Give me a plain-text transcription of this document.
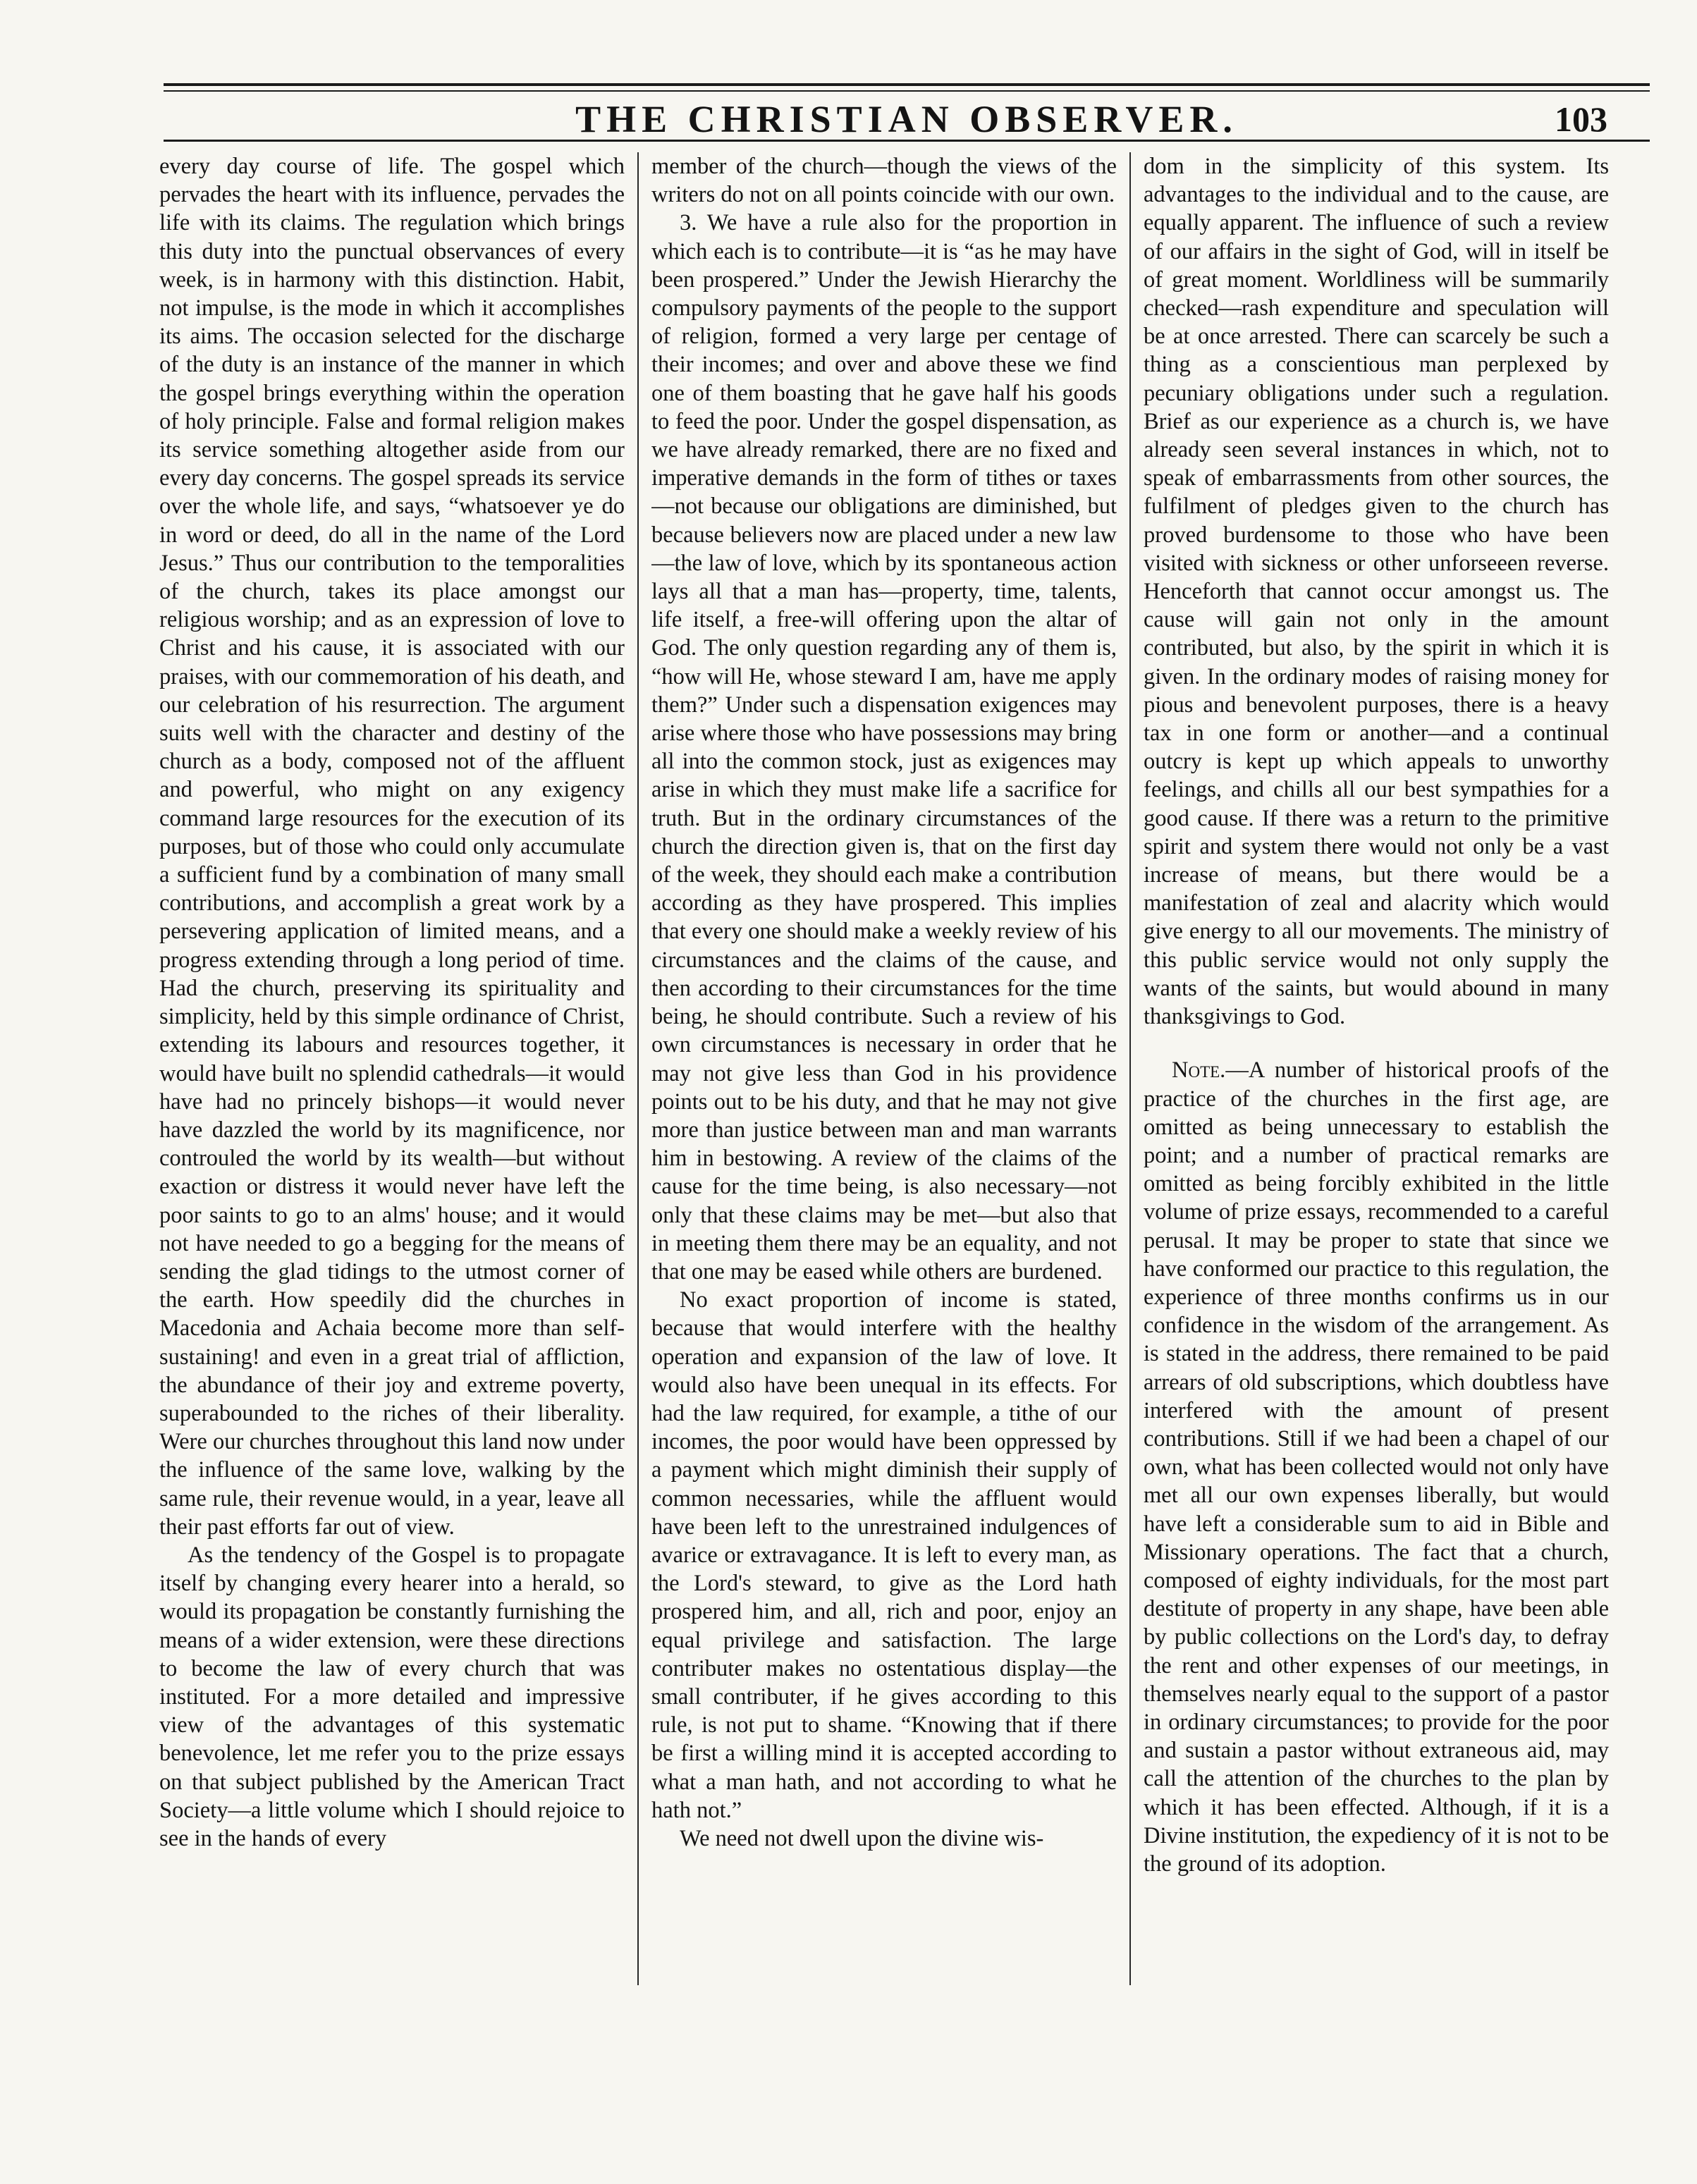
THE CHRISTIAN OBSERVER.	103

every day course of life. The gospel which pervades the heart with its influence, pervades the life with its claims. The regulation which brings this duty into the punctual observances of every week, is in harmony with this distinction. Habit, not impulse, is the mode in which it accomplishes its aims. The occasion selected for the discharge of the duty is an instance of the manner in which the gospel brings everything within the operation of holy principle. False and formal religion makes its service something altogether aside from our every day concerns. The gospel spreads its service over the whole life, and says, “whatsoever ye do in word or deed, do all in the name of the Lord Jesus.” Thus our contribution to the temporalities of the church, takes its place amongst our religious worship; and as an expression of love to Christ and his cause, it is associated with our praises, with our commemoration of his death, and our celebration of his resurrection. The argument suits well with the character and destiny of the church as a body, composed not of the affluent and powerful, who might on any exigency command large resources for the execution of its purposes, but of those who could only accumulate a sufficient fund by a combination of many small contributions, and accomplish a great work by a persevering application of limited means, and a progress extending through a long period of time. Had the church, preserving its spirituality and simplicity, held by this simple ordinance of Christ, extending its labours and resources together, it would have built no splendid cathedrals—it would have had no princely bishops—it would never have dazzled the world by its magnificence, nor controuled the world by its wealth—but without exaction or distress it would never have left the poor saints to go to an alms' house; and it would not have needed to go a begging for the means of sending the glad tidings to the utmost corner of the earth. How speedily did the churches in Macedonia and Achaia become more than self-sustaining! and even in a great trial of affliction, the abundance of their joy and extreme poverty, superabounded to the riches of their liberality. Were our churches throughout this land now under the influence of the same love, walking by the same rule, their revenue would, in a year, leave all their past efforts far out of view.

As the tendency of the Gospel is to propagate itself by changing every hearer into a herald, so would its propagation be constantly furnishing the means of a wider extension, were these directions to become the law of every church that was instituted. For a more detailed and impressive view of the advantages of this systematic benevolence, let me refer you to the prize essays on that subject published by the American Tract Society—a little volume which I should rejoice to see in the hands of every

member of the church—though the views of the writers do not on all points coincide with our own.

3. We have a rule also for the proportion in which each is to contribute—it is “as he may have been prospered.” Under the Jewish Hierarchy the compulsory payments of the people to the support of religion, formed a very large per centage of their incomes; and over and above these we find one of them boasting that he gave half his goods to feed the poor. Under the gospel dispensation, as we have already remarked, there are no fixed and imperative demands in the form of tithes or taxes—not because our obligations are diminished, but because believers now are placed under a new law—the law of love, which by its spontaneous action lays all that a man has—property, time, talents, life itself, a free-will offering upon the altar of God. The only question regarding any of them is, “how will He, whose steward I am, have me apply them?” Under such a dispensation exigences may arise where those who have possessions may bring all into the common stock, just as exigences may arise in which they must make life a sacrifice for truth. But in the ordinary circumstances of the church the direction given is, that on the first day of the week, they should each make a contribution according as they have prospered. This implies that every one should make a weekly review of his circumstances and the claims of the cause, and then according to their circumstances for the time being, he should contribute. Such a review of his own circumstances is necessary in order that he may not give less than God in his providence points out to be his duty, and that he may not give more than justice between man and man warrants him in bestowing. A review of the claims of the cause for the time being, is also necessary—not only that these claims may be met—but also that in meeting them there may be an equality, and not that one may be eased while others are burdened.

No exact proportion of income is stated, because that would interfere with the healthy operation and expansion of the law of love. It would also have been unequal in its effects. For had the law required, for example, a tithe of our incomes, the poor would have been oppressed by a payment which might diminish their supply of common necessaries, while the affluent would have been left to the unrestrained indulgences of avarice or extravagance. It is left to every man, as the Lord's steward, to give as the Lord hath prospered him, and all, rich and poor, enjoy an equal privilege and satisfaction. The large contributer makes no ostentatious display—the small contributer, if he gives according to this rule, is not put to shame. “Knowing that if there be first a willing mind it is accepted according to what a man hath, and not according to what he hath not.”

We need not dwell upon the divine wis-

dom in the simplicity of this system. Its advantages to the individual and to the cause, are equally apparent. The influence of such a review of our affairs in the sight of God, will in itself be of great moment. Worldliness will be summarily checked—rash expenditure and speculation will be at once arrested. There can scarcely be such a thing as a conscientious man perplexed by pecuniary obligations under such a regulation. Brief as our experience as a church is, we have already seen several instances in which, not to speak of embarrassments from other sources, the fulfilment of pledges given to the church has proved burdensome to those who have been visited with sickness or other unforseeen reverse. Henceforth that cannot occur amongst us. The cause will gain not only in the amount contributed, but also, by the spirit in which it is given. In the ordinary modes of raising money for pious and benevolent purposes, there is a heavy tax in one form or another—and a continual outcry is kept up which appeals to unworthy feelings, and chills all our best sympathies for a good cause. If there was a return to the primitive spirit and system there would not only be a vast increase of means, but there would be a manifestation of zeal and alacrity which would give energy to all our movements. The ministry of this public service would not only supply the wants of the saints, but would abound in many thanksgivings to God.

Note.—A number of historical proofs of the practice of the churches in the first age, are omitted as being unnecessary to establish the point; and a number of practical remarks are omitted as being forcibly exhibited in the little volume of prize essays, recommended to a careful perusal. It may be proper to state that since we have conformed our practice to this regulation, the experience of three months confirms us in our confidence in the wisdom of the arrangement. As is stated in the address, there remained to be paid arrears of old subscriptions, which doubtless have interfered with the amount of present contributions. Still if we had been a chapel of our own, what has been collected would not only have met all our own expenses liberally, but would have left a considerable sum to aid in Bible and Missionary operations. The fact that a church, composed of eighty individuals, for the most part destitute of property in any shape, have been able by public collections on the Lord's day, to defray the rent and other expenses of our meetings, in themselves nearly equal to the support of a pastor in ordinary circumstances; to provide for the poor and sustain a pastor without extraneous aid, may call the attention of the churches to the plan by which it has been effected. Although, if it is a Divine institution, the expediency of it is not to be the ground of its adoption.
